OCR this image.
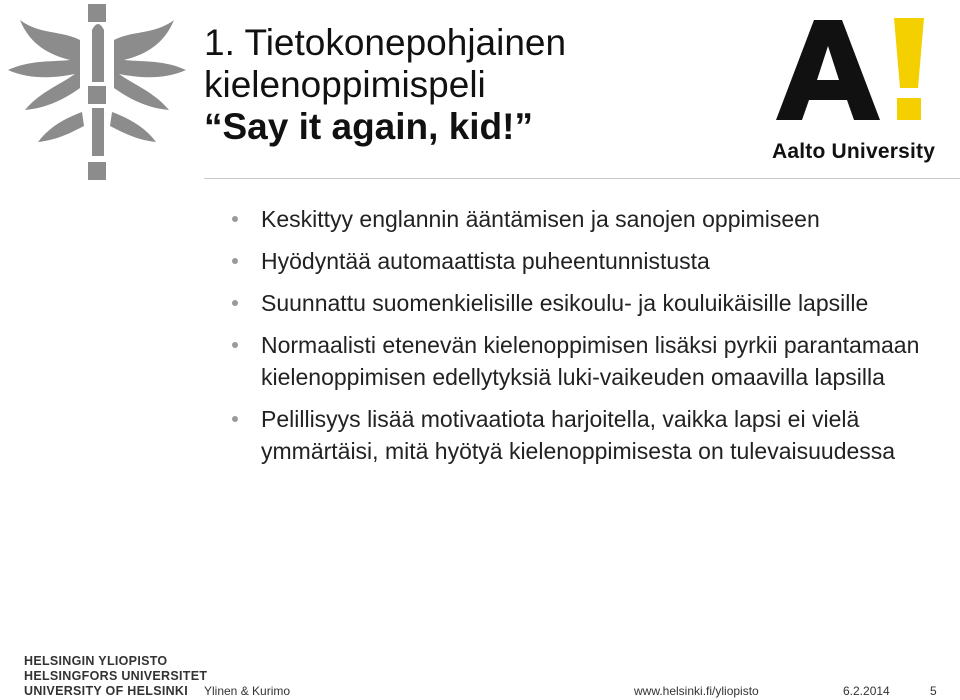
1. Tietokonepohjainen
kielenoppimispeli
“Say it again, kid!”
Aalto University
Keskittyy englannin ääntämisen ja sanojen oppimiseen
Hyödyntää automaattista puheentunnistusta
Suunnattu suomenkielisille esikoulu- ja kouluikäisille lapsille
Normaalisti etenevän kielenoppimisen lisäksi pyrkii parantamaan kielenoppimisen edellytyksiä luki-vaikeuden omaavilla lapsilla
Pelillisyys lisää motivaatiota harjoitella, vaikka lapsi ei vielä ymmärtäisi, mitä hyötyä kielenoppimisesta on tulevaisuudessa
HELSINGIN YLIOPISTO
HELSINGFORS UNIVERSITET
UNIVERSITY OF HELSINKI	Ylinen & Kurimo	www.helsinki.fi/yliopisto	6.2.2014	5
